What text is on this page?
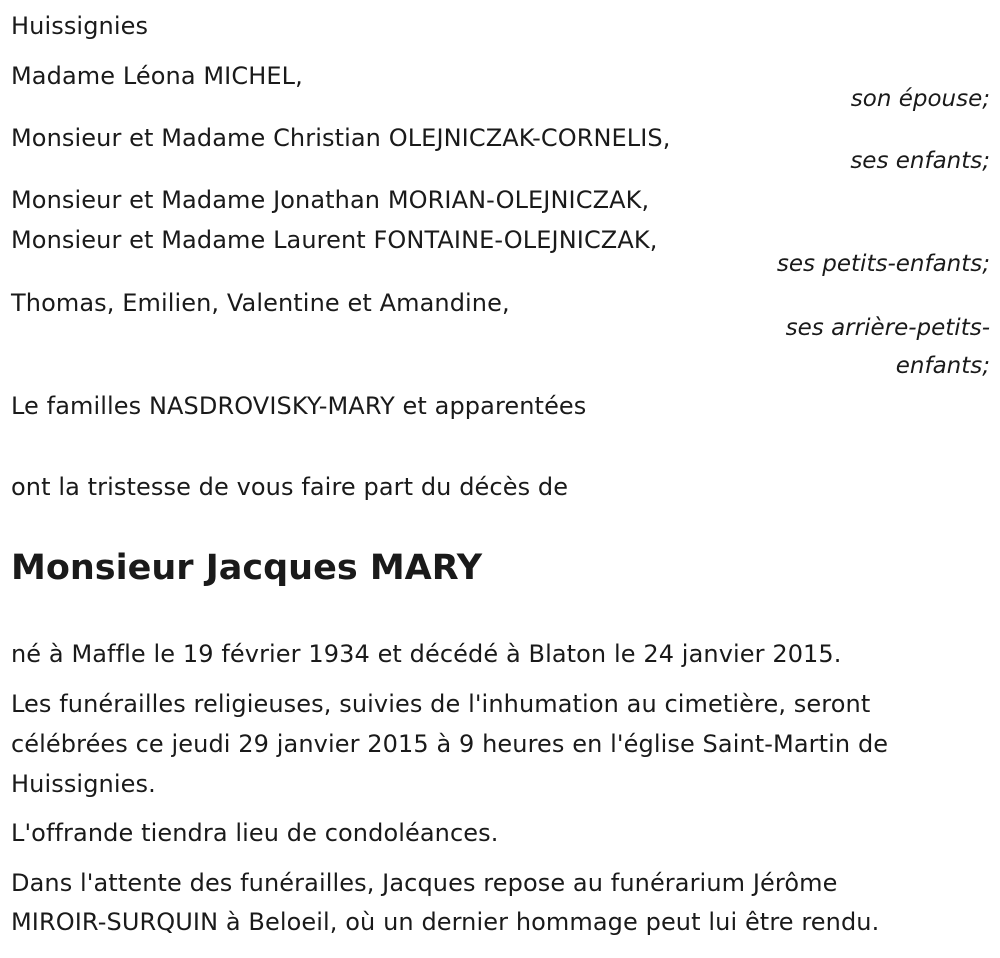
Huissignies
Madame Léona MICHEL,
son épouse;
Monsieur et Madame Christian OLEJNICZAK-CORNELIS,
ses enfants;
Monsieur et Madame Jonathan MORIAN-OLEJNICZAK,
Monsieur et Madame Laurent FONTAINE-OLEJNICZAK,
ses petits-enfants;
Thomas, Emilien, Valentine et Amandine,
ses arrière-petits-
enfants;
Le familles NASDROVISKY-MARY et apparentées
ont la tristesse de vous faire part du décès de
Monsieur Jacques MARY
né à Maffle le 19 février 1934 et décédé à Blaton le 24 janvier 2015.
Les funérailles religieuses, suivies de l'inhumation au cimetière, seront
célébrées ce jeudi 29 janvier 2015 à 9 heures en l'église Saint-Martin de
Huissignies.
L'offrande tiendra lieu de condoléances.
Dans l'attente des funérailles, Jacques repose au funérarium Jérôme
MIROIR-SURQUIN à Beloeil, où un dernier hommage peut lui être rendu.
